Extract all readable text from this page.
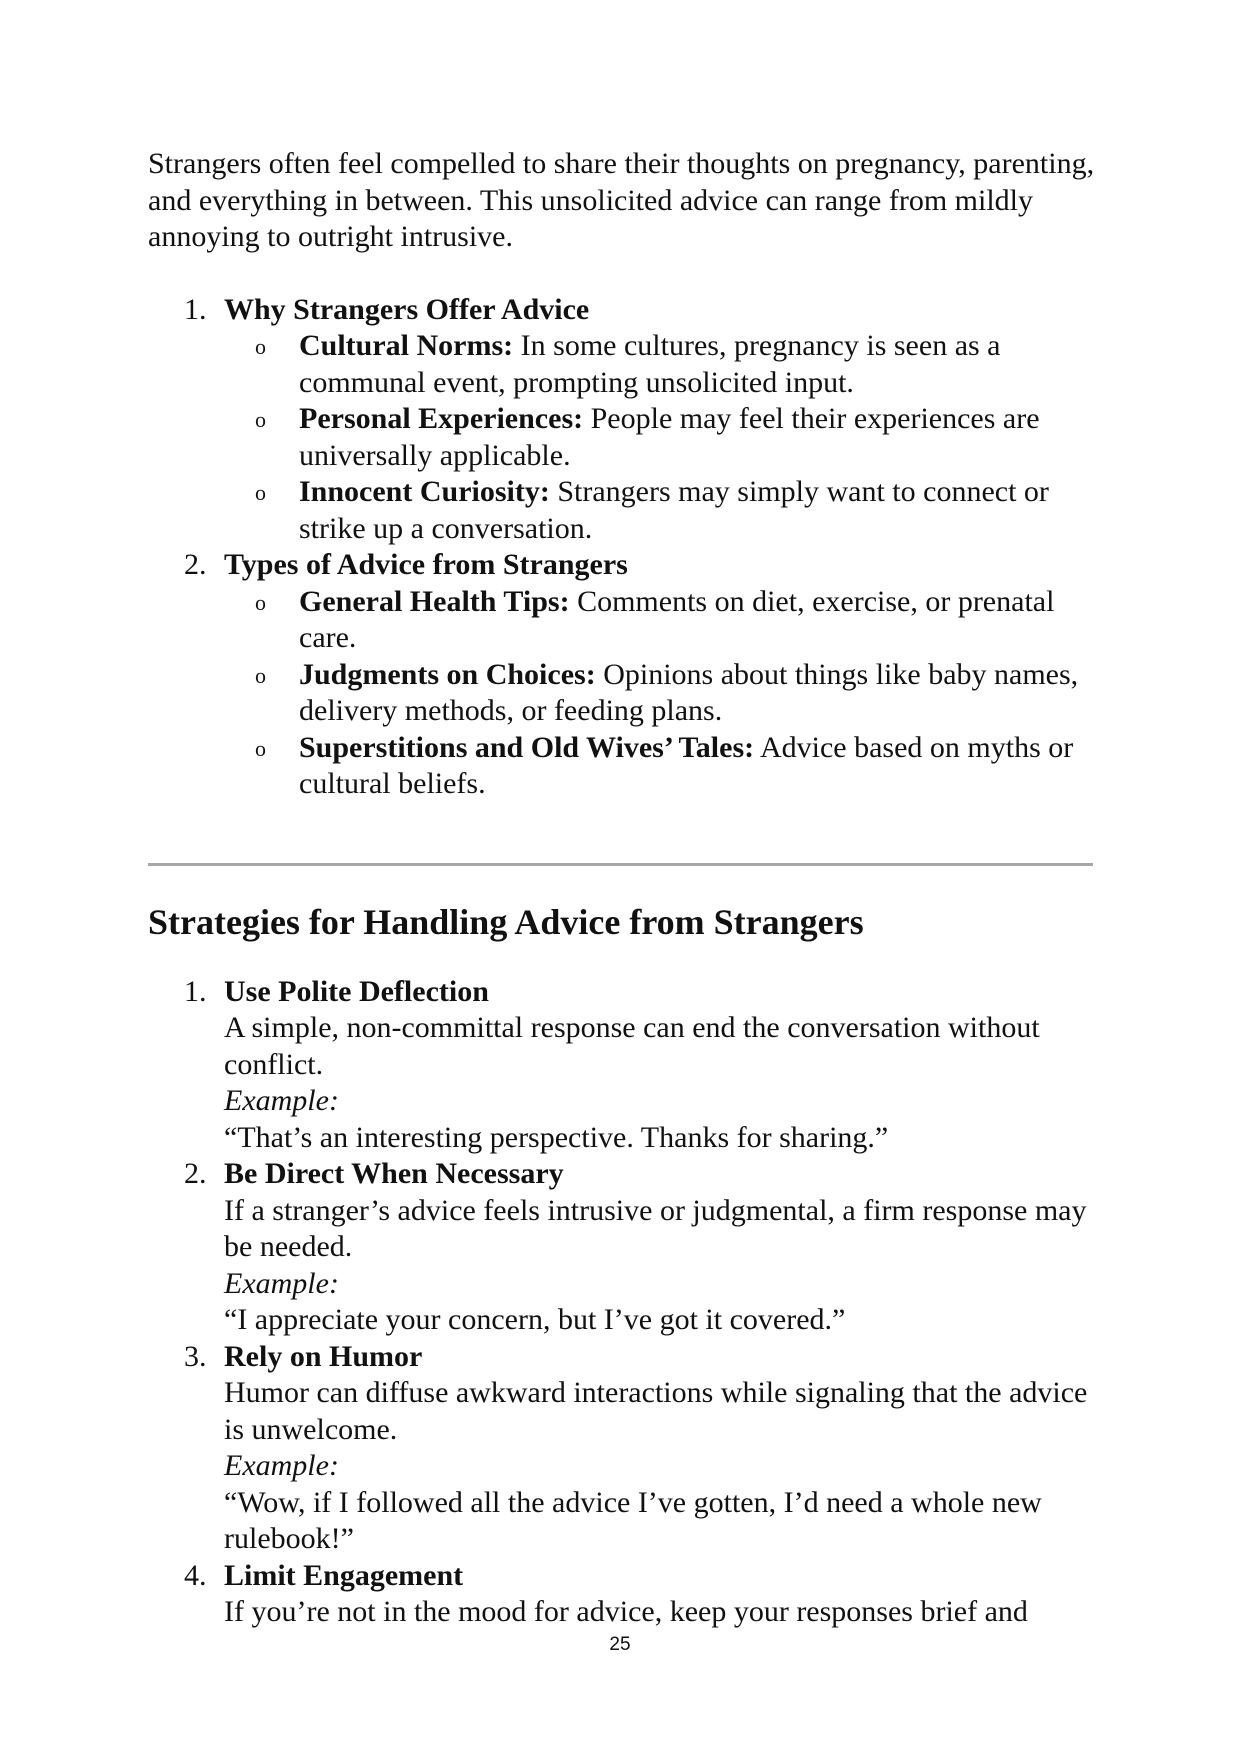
Strangers often feel compelled to share their thoughts on pregnancy, parenting, and everything in between. This unsolicited advice can range from mildly annoying to outright intrusive.

1. Why Strangers Offer Advice
o Cultural Norms: In some cultures, pregnancy is seen as a communal event, prompting unsolicited input.
o Personal Experiences: People may feel their experiences are universally applicable.
o Innocent Curiosity: Strangers may simply want to connect or strike up a conversation.
2. Types of Advice from Strangers
o General Health Tips: Comments on diet, exercise, or prenatal care.
o Judgments on Choices: Opinions about things like baby names, delivery methods, or feeding plans.
o Superstitions and Old Wives’ Tales: Advice based on myths or cultural beliefs.
Strategies for Handling Advice from Strangers
1. Use Polite Deflection
A simple, non-committal response can end the conversation without conflict.
Example:
“That’s an interesting perspective. Thanks for sharing.”
2. Be Direct When Necessary
If a stranger’s advice feels intrusive or judgmental, a firm response may be needed.
Example:
“I appreciate your concern, but I’ve got it covered.”
3. Rely on Humor
Humor can diffuse awkward interactions while signaling that the advice is unwelcome.
Example:
“Wow, if I followed all the advice I’ve gotten, I’d need a whole new rulebook!”
4. Limit Engagement
If you’re not in the mood for advice, keep your responses brief and
25
